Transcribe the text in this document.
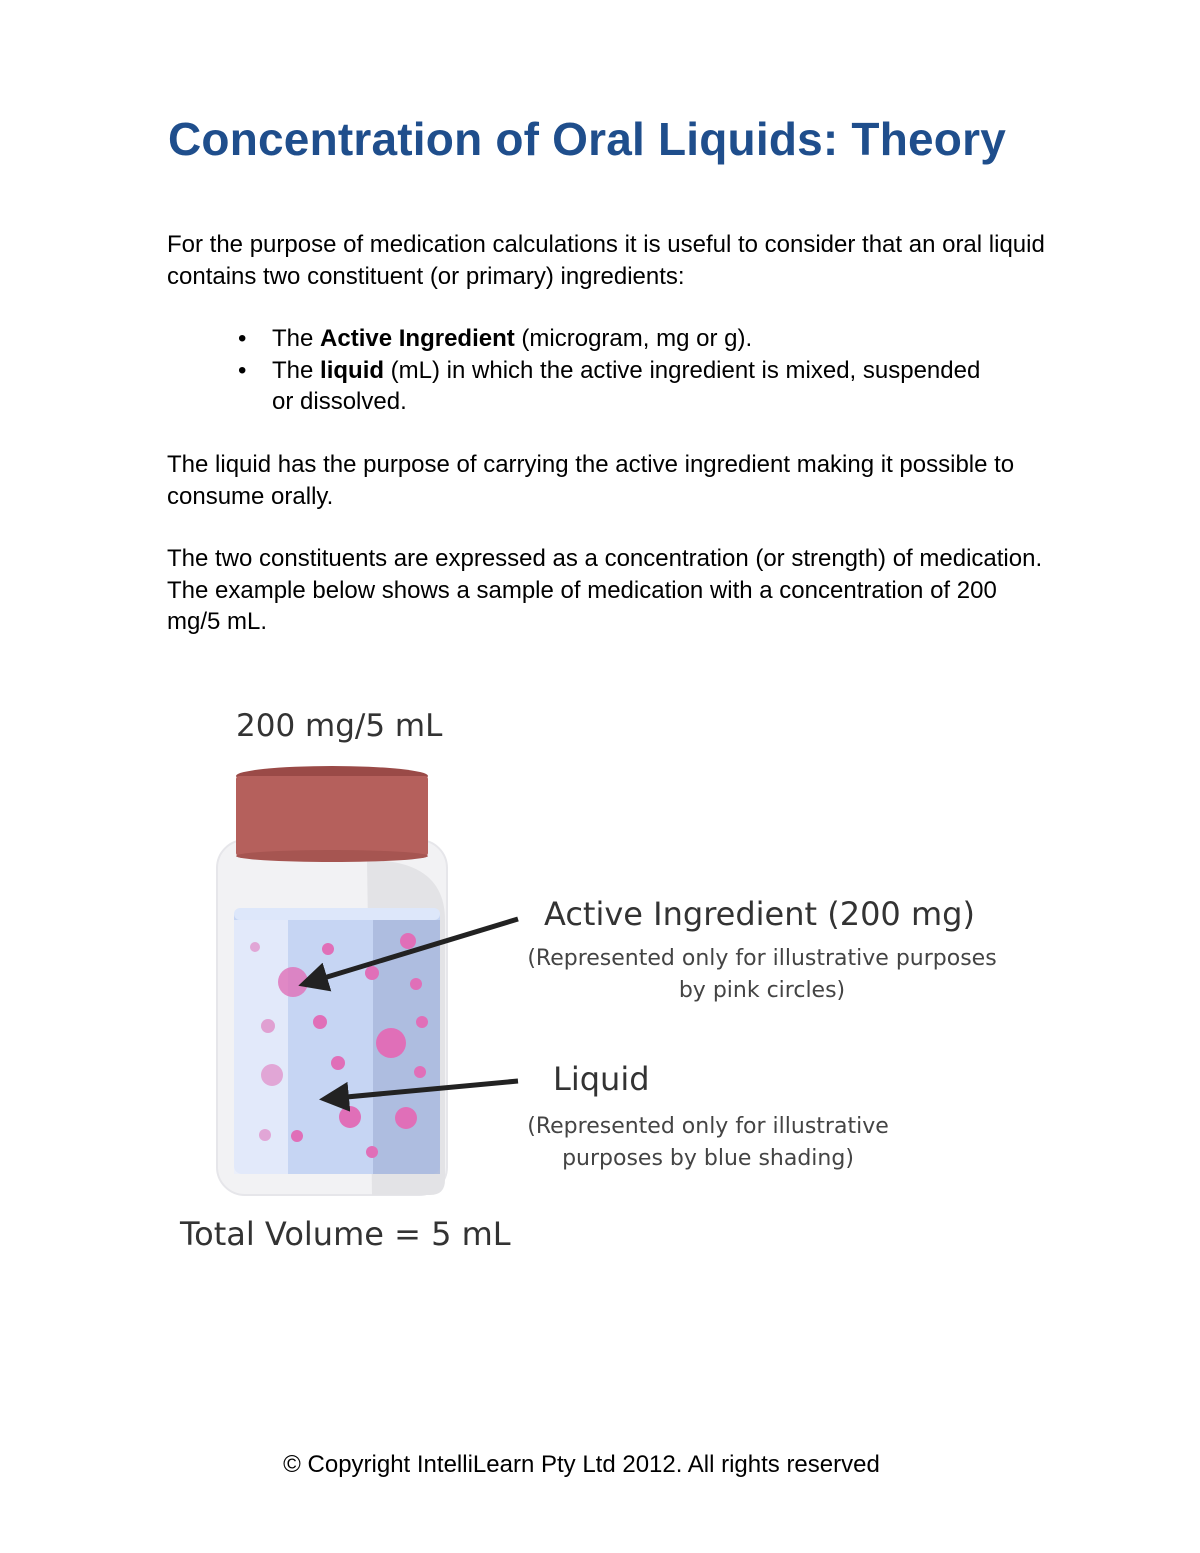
Concentration of Oral Liquids: Theory
For the purpose of medication calculations it is useful to consider that an oral liquid contains two constituent (or primary) ingredients:
• The Active Ingredient (microgram, mg or g).
• The liquid (mL) in which the active ingredient is mixed, suspended or dissolved.
The liquid has the purpose of carrying the active ingredient making it possible to consume orally.
The two constituents are expressed as a concentration (or strength) of medication. The example below shows a sample of medication with a concentration of 200 mg/5 mL.
200 mg/5 mL
Active Ingredient (200 mg)
(Represented only for illustrative purposes
by pink circles)
Liquid
(Represented only for illustrative
purposes by blue shading)
Total Volume = 5 mL
© Copyright IntelliLearn Pty Ltd 2012. All rights reserved
